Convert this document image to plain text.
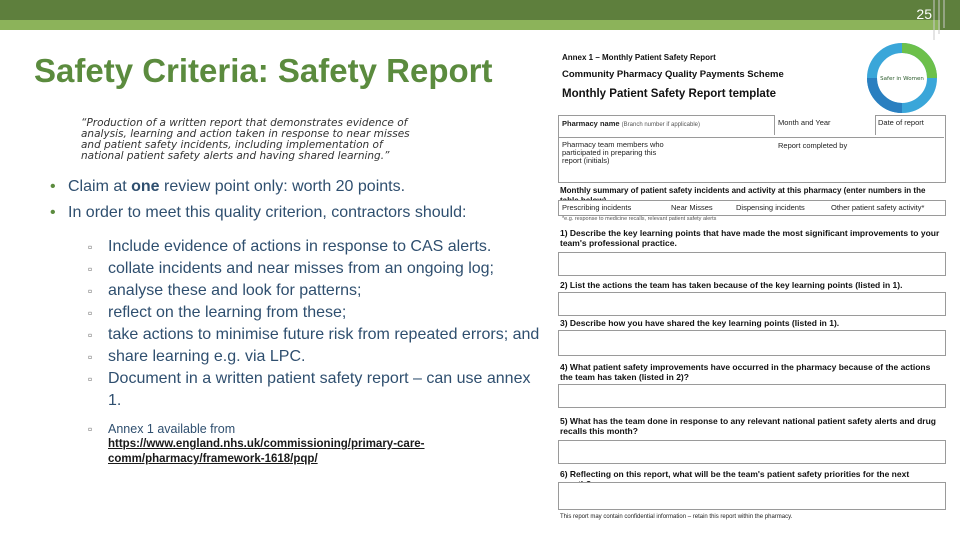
25
Safety Criteria: Safety Report
“Production of a written report that demonstrates evidence of analysis, learning and action taken in response to near misses and patient safety incidents, including implementation of national patient safety alerts and having shared learning.”
• Claim at one review point only: worth 20 points.
• In order to meet this quality criterion, contractors should:
▫ Include evidence of actions in response to CAS alerts.
▫ collate incidents and near misses from an ongoing log;
▫ analyse these and look for patterns;
▫ reflect on the learning from these;
▫ take actions to minimise future risk from repeated errors; and
▫ share learning e.g. via LPC.
▫ Document in a written patient safety report – can use annex 1.
▫ Annex 1 available from
https://www.england.nhs.uk/commissioning/primary-care-comm/pharmacy/framework-1618/pqp/
Annex 1 – Monthly Patient Safety Report
Community Pharmacy Quality Payments Scheme
Monthly Patient Safety Report template
Safer in Women
Pharmacy name (Branch number if applicable)	Month and Year	Date of report
Pharmacy team members who participated in preparing this report (initials)
Report completed by
Monthly summary of patient safety incidents and activity at this pharmacy (enter numbers in the
Prescribing incidents	Near Misses	Dispensing incidents	Other patient safety activity*
*e.g. response to medicine recalls, relevant patient safety alerts
1) Describe the key learning points that have made the most significant improvements to your team's professional practice.
2) List the actions the team has taken because of the key learning points (listed in 1).
3) Describe how you have shared the key learning points (listed in 1).
4) What patient safety improvements have occurred in the pharmacy because of the actions the team has taken (listed in 2)?
5) What has the team done in response to any relevant national patient safety alerts and drug recalls this month?
6) Reflecting on this report, what will be the team's patient safety priorities for the next
This report may contain confidential information – retain this report within the pharmacy.
